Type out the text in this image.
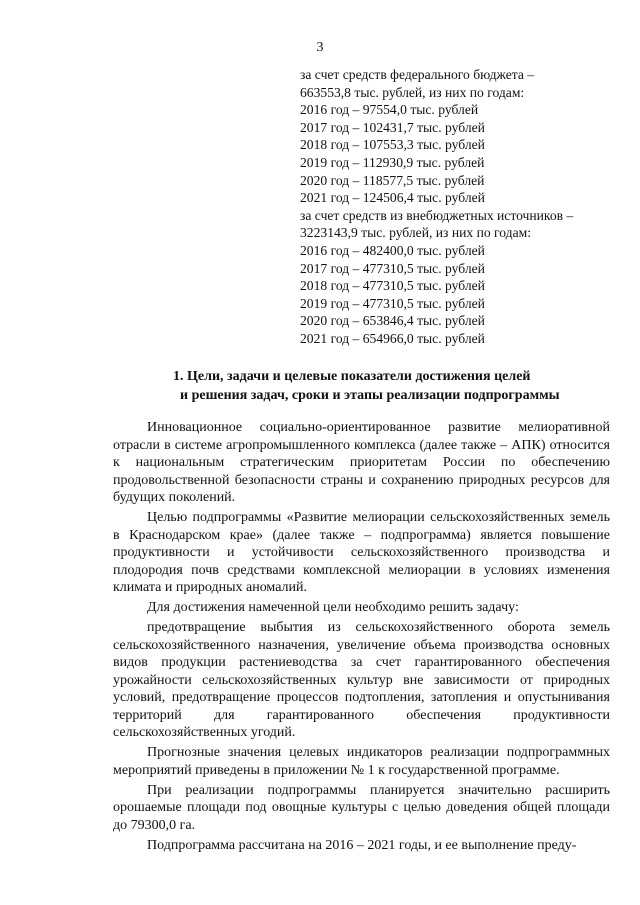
3
за счет средств федерального бюджета –
663553,8 тыс. рублей, из них по годам:
2016 год – 97554,0 тыс. рублей
2017 год – 102431,7 тыс. рублей
2018 год – 107553,3 тыс. рублей
2019 год – 112930,9 тыс. рублей
2020 год – 118577,5 тыс. рублей
2021 год – 124506,4 тыс. рублей
за счет средств из внебюджетных источников –
3223143,9 тыс. рублей, из них по годам:
2016 год – 482400,0 тыс. рублей
2017 год – 477310,5 тыс. рублей
2018 год – 477310,5 тыс. рублей
2019 год – 477310,5 тыс. рублей
2020 год – 653846,4 тыс. рублей
2021 год – 654966,0 тыс. рублей
1. Цели, задачи и целевые показатели достижения целей
и решения задач, сроки и этапы реализации подпрограммы

Инновационное социально-ориентированное развитие мелиоративной отрасли в системе агропромышленного комплекса (далее также – АПК) относится к национальным стратегическим приоритетам России по обеспечению продовольственной безопасности страны и сохранению природных ресурсов для будущих поколений.

Целью подпрограммы «Развитие мелиорации сельскохозяйственных земель в Краснодарском крае» (далее также – подпрограмма) является повышение продуктивности и устойчивости сельскохозяйственного производства и плодородия почв средствами комплексной мелиорации в условиях изменения климата и природных аномалий.

Для достижения намеченной цели необходимо решить задачу:

предотвращение выбытия из сельскохозяйственного оборота земель сельскохозяйственного назначения, увеличение объема производства основных видов продукции растениеводства за счет гарантированного обеспечения урожайности сельскохозяйственных культур вне зависимости от природных условий, предотвращение процессов подтопления, затопления и опустынивания территорий для гарантированного обеспечения продуктивности сельскохозяйственных угодий.

Прогнозные значения целевых индикаторов реализации подпрограммных мероприятий приведены в приложении № 1 к государственной программе.

При реализации подпрограммы планируется значительно расширить орошаемые площади под овощные культуры с целью доведения общей площади до 79300,0 га.

Подпрограмма рассчитана на 2016 – 2021 годы, и ее выполнение преду-
